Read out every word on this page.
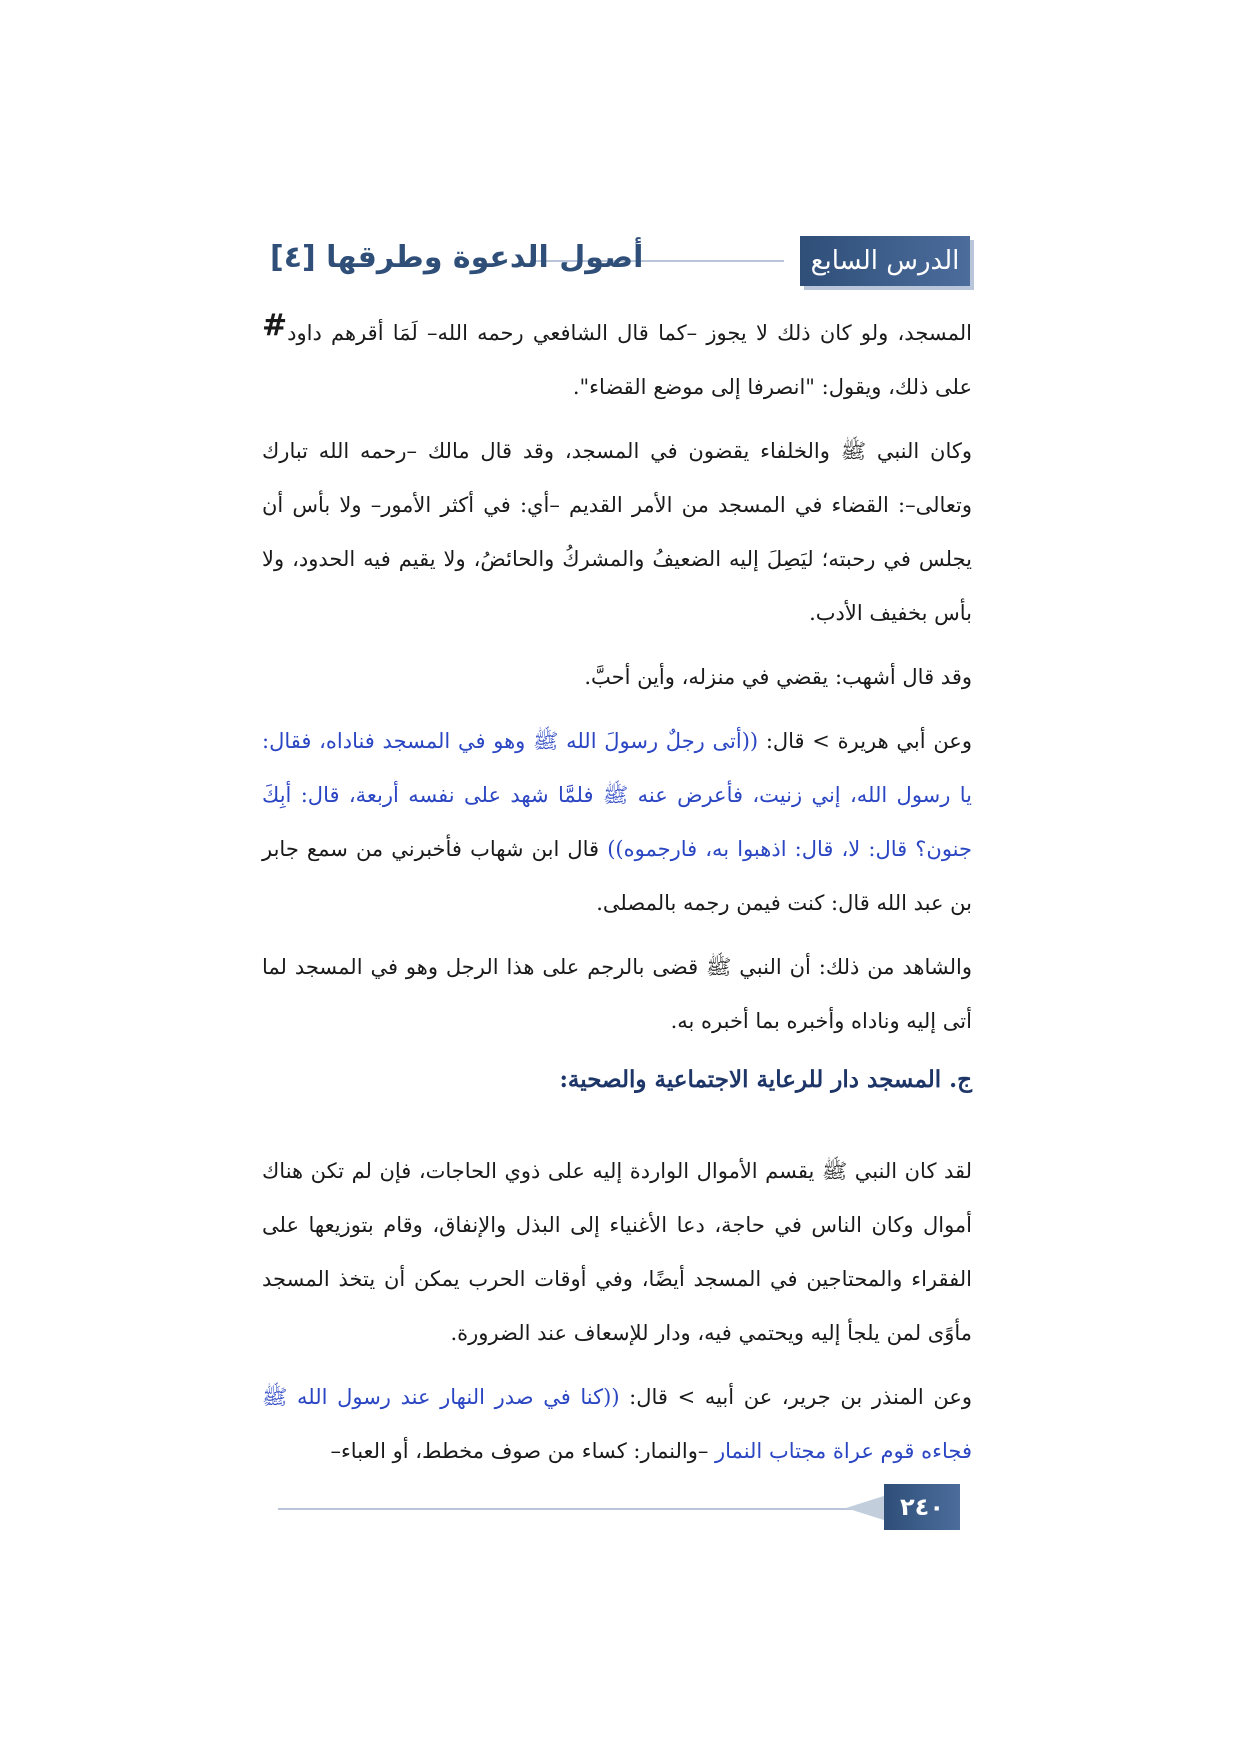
الدرس السابع
أصول الدعوة وطرقها [٤]

# المسجد، ولو كان ذلك لا يجوز –كما قال الشافعي رحمه الله– لَمَا أقرهم داود على ذلك، ويقول: "انصرفا إلى موضع القضاء".

وكان النبي ﷺ والخلفاء يقضون في المسجد، وقد قال مالك –رحمه الله تبارك وتعالى–: القضاء في المسجد من الأمر القديم –أي: في أكثر الأمور– ولا بأس أن يجلس في رحبته؛ ليَصِلَ إليه الضعيفُ والمشركُ والحائضُ، ولا يقيم فيه الحدود، ولا بأس بخفيف الأدب.

وقد قال أشهب: يقضي في منزله، وأين أحبَّ.

وعن أبي هريرة > قال: ((أتى رجلٌ رسولَ الله ﷺ وهو في المسجد فناداه، فقال: يا رسول الله، إني زنيت، فأعرض عنه ﷺ فلمَّا شهد على نفسه أربعة، قال: أبِكَ جنون؟ قال: لا، قال: اذهبوا به، فارجموه)) قال ابن شهاب فأخبرني من سمع جابر بن عبد الله قال: كنت فيمن رجمه بالمصلى.

والشاهد من ذلك: أن النبي ﷺ قضى بالرجم على هذا الرجل وهو في المسجد لما أتى إليه وناداه وأخبره بما أخبره به.

ج. المسجد دار للرعاية الاجتماعية والصحية:

لقد كان النبي ﷺ يقسم الأموال الواردة إليه على ذوي الحاجات، فإن لم تكن هناك أموال وكان الناس في حاجة، دعا الأغنياء إلى البذل والإنفاق، وقام بتوزيعها على الفقراء والمحتاجين في المسجد أيضًا، وفي أوقات الحرب يمكن أن يتخذ المسجد مأوًى لمن يلجأ إليه ويحتمي فيه، ودار للإسعاف عند الضرورة.

وعن المنذر بن جرير، عن أبيه > قال: ((كنا في صدر النهار عند رسول الله ﷺ فجاءه قوم عراة مجتاب النمار –والنمار: كساء من صوف مخطط، أو العباء–

٢٤٠
